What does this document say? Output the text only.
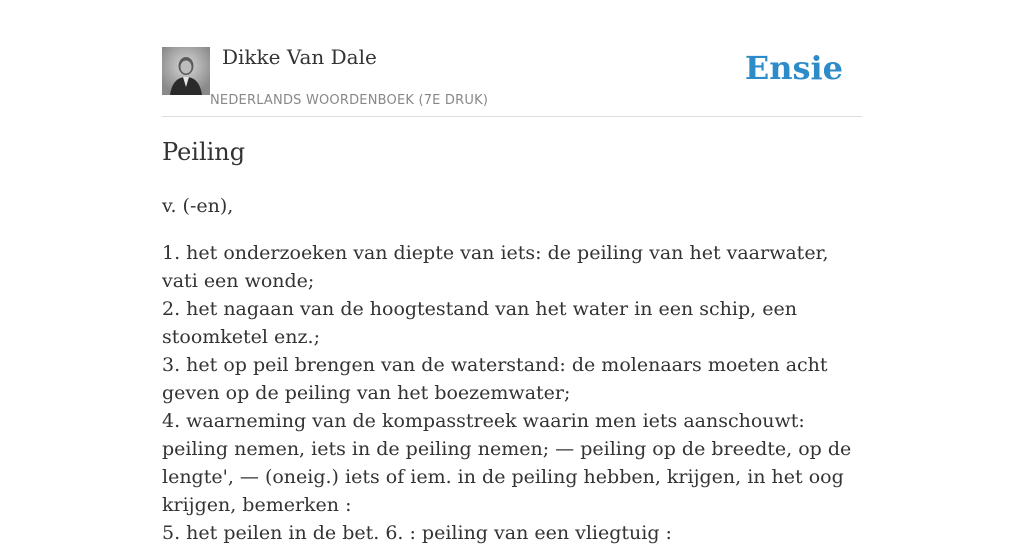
Dikke Van Dale
NEDERLANDS WOORDENBOEK (7E DRUK)
Ensie
Peiling

v. (-en),

1. het onderzoeken van diepte van iets: de peiling van het vaarwater, vati een wonde;
2. het nagaan van de hoogtestand van het water in een schip, een stoomketel enz.;
3. het op peil brengen van de waterstand: de molenaars moeten acht geven op de peiling van het boezemwater;
4. waarneming van de kompasstreek waarin men iets aanschouwt: peiling nemen, iets in de peiling nemen; — peiling op de breedte, op de lengte', — (oneig.) iets of iem. in de peiling hebben, krijgen, in het oog krijgen, bemerken :
5. het peilen in de bet. 6. : peiling van een vliegtuig :
